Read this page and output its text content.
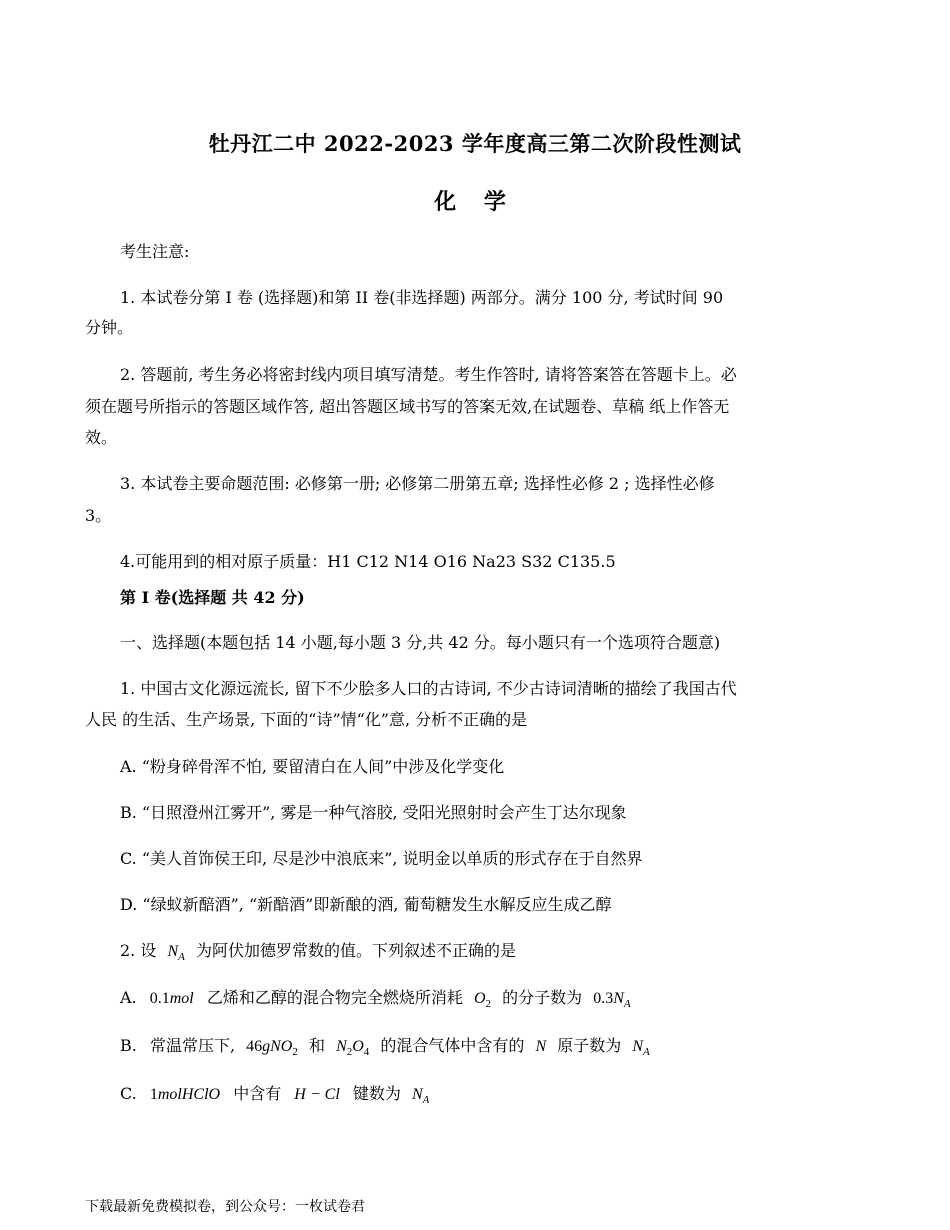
牡丹江二中 2022-2023 学年度高三第二次阶段性测试
化 学
考生注意:
1. 本试卷分第 I 卷 (选择题)和第 II 卷(非选择题) 两部分。满分 100 分, 考试时间 90
分钟。
2. 答题前, 考生务必将密封线内项目填写清楚。考生作答时, 请将答案答在答题卡上。必
须在题号所指示的答题区域作答, 超出答题区域书写的答案无效,在试题卷、草稿 纸上作答无
效。
3. 本试卷主要命题范围: 必修第一册; 必修第二册第五章; 选择性必修 2 ; 选择性必修
3。
4.可能用到的相对原子质量：H1 C12 N14 O16 Na23 S32 C135.5
第 I 卷(选择题 共 42 分)
一、选择题(本题包括 14 小题,每小题 3 分,共 42 分。每小题只有一个选项符合题意)
1. 中国古文化源远流长, 留下不少脍多人口的古诗词, 不少古诗词清晰的描绘了我国古代
人民 的生活、生产场景, 下面的“诗”情“化”意, 分析不正确的是
A. “粉身碎骨浑不怕, 要留清白在人间”中涉及化学变化
B. “日照澄州江雾开”, 雾是一种气溶胶, 受阳光照射时会产生丁达尔现象
C. “美人首饰侯王印, 尽是沙中浪底来”, 说明金以单质的形式存在于自然界
D. “绿蚁新醅酒”, “新醅酒”即新酿的酒, 葡萄糖发生水解反应生成乙醇
2. 设 $N_A$ 为阿伏加德罗常数的值。下列叙述不正确的是
A. 0.1mol 乙烯和乙醇的混合物完全燃烧所消耗 $O_2$ 的分子数为 $0.3N_A$
B. 常温常压下, 46gNO$_2$ 和 $N_2O_4$ 的混合气体中含有的 N 原子数为 $N_A$
C. 1molHClO 中含有 H − Cl 键数为 $N_A$
下载最新免费模拟卷，到公众号：一枚试卷君
